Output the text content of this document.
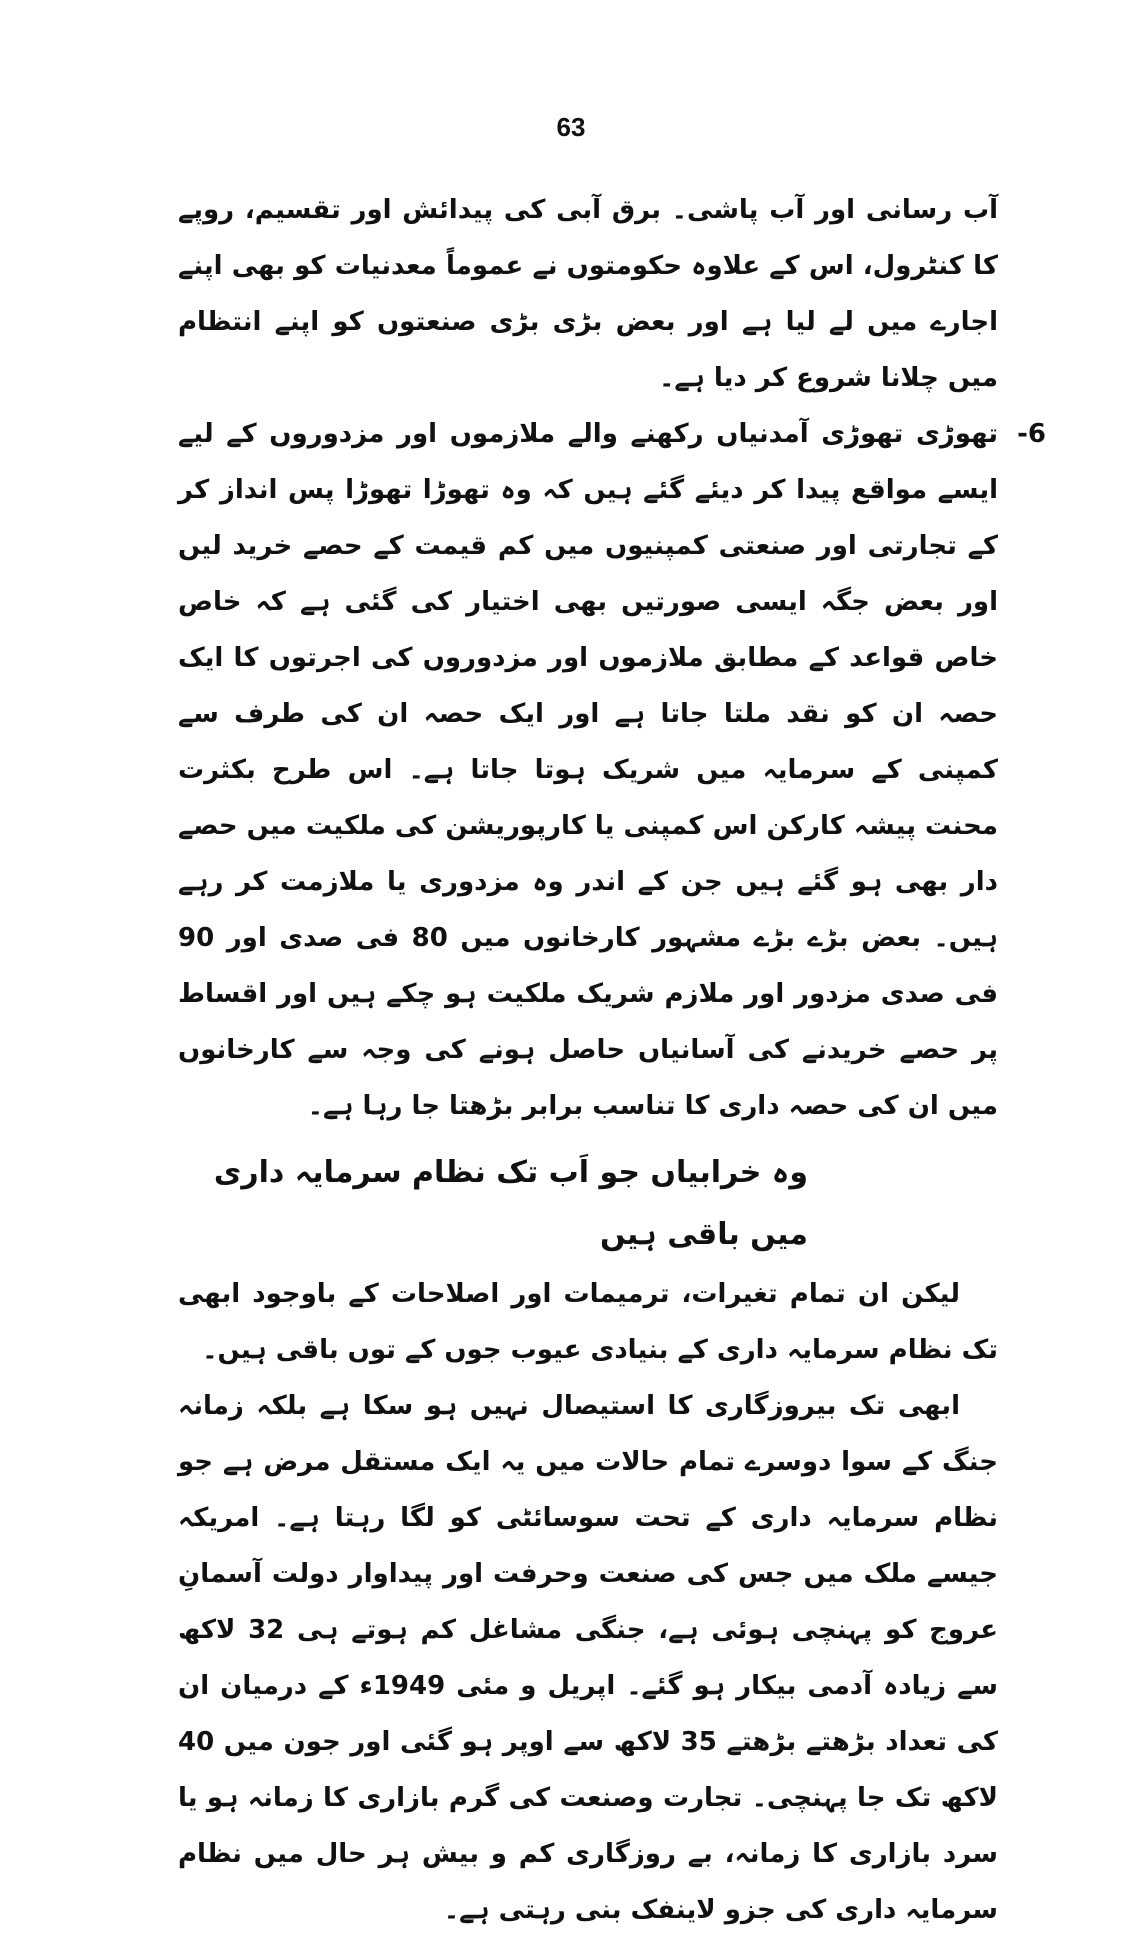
63

آب رسانی اور آب پاشی۔ برق آبی کی پیدائش اور تقسیم، روپے کا کنٹرول، اس کے علاوہ حکومتوں نے عموماً معدنیات کو بھی اپنے اجارے میں لے لیا ہے اور بعض بڑی بڑی صنعتوں کو اپنے انتظام میں چلانا شروع کر دیا ہے۔

-6
تھوڑی تھوڑی آمدنیاں رکھنے والے ملازموں اور مزدوروں کے لیے ایسے مواقع پیدا کر دیئے گئے ہیں کہ وہ تھوڑا تھوڑا پس انداز کر کے تجارتی اور صنعتی کمپنیوں میں کم قیمت کے حصے خرید لیں اور بعض جگہ ایسی صورتیں بھی اختیار کی گئی ہے کہ خاص خاص قواعد کے مطابق ملازموں اور مزدوروں کی اجرتوں کا ایک حصہ ان کو نقد ملتا جاتا ہے اور ایک حصہ ان کی طرف سے کمپنی کے سرمایہ میں شریک ہوتا جاتا ہے۔ اس طرح بکثرت محنت پیشہ کارکن اس کمپنی یا کارپوریشن کی ملکیت میں حصے دار بھی ہو گئے ہیں جن کے اندر وہ مزدوری یا ملازمت کر رہے ہیں۔ بعض بڑے بڑے مشہور کارخانوں میں 80 فی صدی اور 90 فی صدی مزدور اور ملازم شریک ملکیت ہو چکے ہیں اور اقساط پر حصے خریدنے کی آسانیاں حاصل ہونے کی وجہ سے کارخانوں میں ان کی حصہ داری کا تناسب برابر بڑھتا جا رہا ہے۔
وہ خرابیاں جو اَب تک نظام سرمایہ داری میں باقی ہیں

لیکن ان تمام تغیرات، ترمیمات اور اصلاحات کے باوجود ابھی تک نظام سرمایہ داری کے بنیادی عیوب جوں کے توں باقی ہیں۔

ابھی تک بیروزگاری کا استیصال نہیں ہو سکا ہے بلکہ زمانہ جنگ کے سوا دوسرے تمام حالات میں یہ ایک مستقل مرض ہے جو نظام سرمایہ داری کے تحت سوسائٹی کو لگا رہتا ہے۔ امریکہ جیسے ملک میں جس کی صنعت وحرفت اور پیداوار دولت آسمانِ عروج کو پہنچی ہوئی ہے، جنگی مشاغل کم ہوتے ہی 32 لاکھ سے زیادہ آدمی بیکار ہو گئے۔ اپریل و مئی 1949ء کے درمیان ان کی تعداد بڑھتے بڑھتے 35 لاکھ سے اوپر ہو گئی اور جون میں 40 لاکھ تک جا پہنچی۔ تجارت وصنعت کی گرم بازاری کا زمانہ ہو یا سرد بازاری کا زمانہ، بے روزگاری کم و بیش ہر حال میں نظام سرمایہ داری کی جزو لاینفک بنی رہتی ہے۔
